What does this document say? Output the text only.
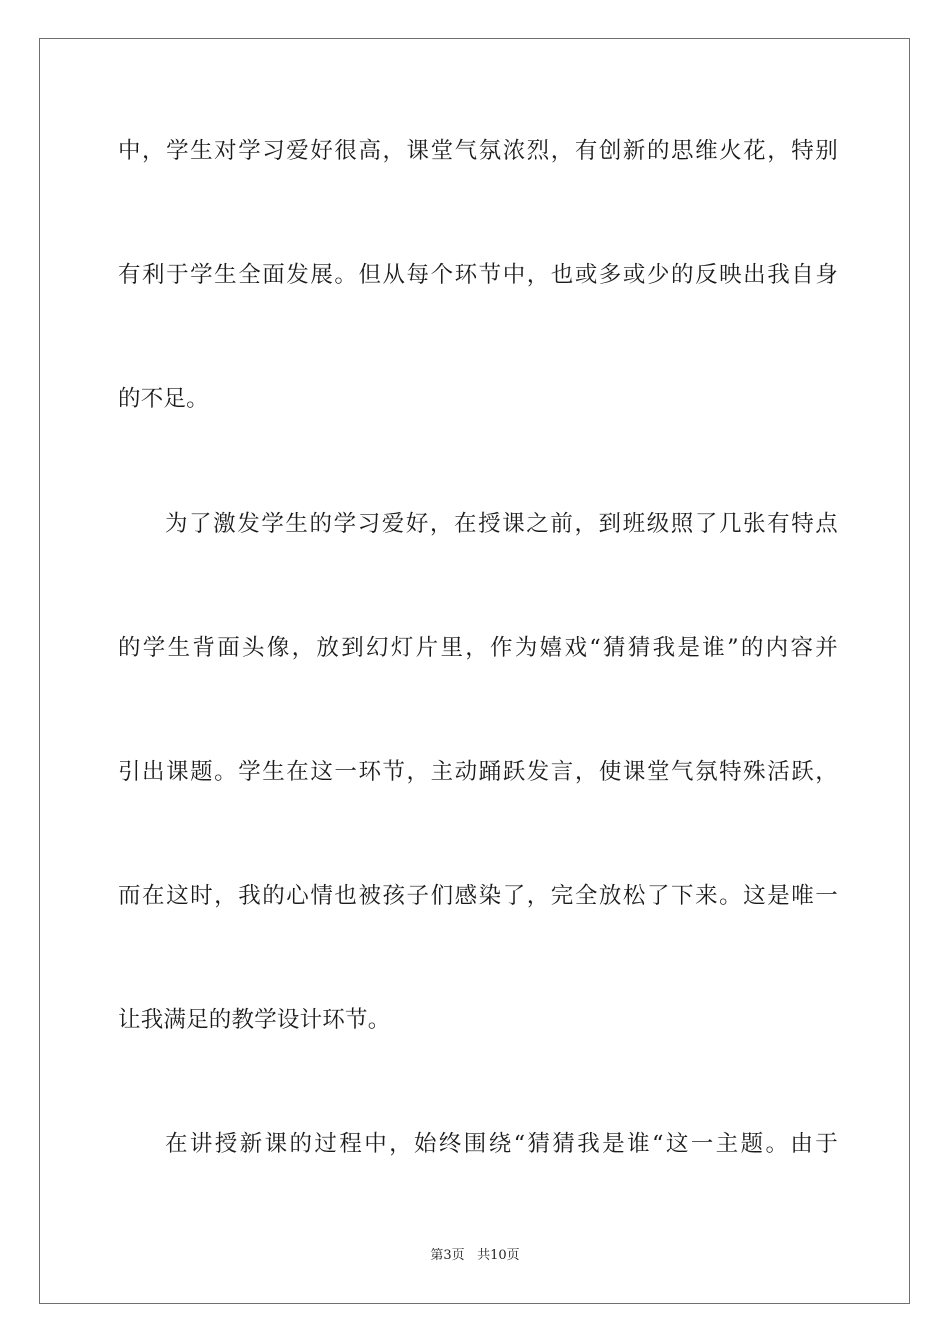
中，学生对学习爱好很高，课堂气氛浓烈，有创新的思维火花，特别
有利于学生全面发展。但从每个环节中，也或多或少的反映出我自身
的不足。
为了激发学生的学习爱好，在授课之前，到班级照了几张有特点
的学生背面头像，放到幻灯片里，作为嬉戏“猜猜我是谁”的内容并
引出课题。学生在这一环节，主动踊跃发言，使课堂气氛特殊活跃，
而在这时，我的心情也被孩子们感染了，完全放松了下来。这是唯一
让我满足的教学设计环节。
在讲授新课的过程中，始终围绕“猜猜我是谁“这一主题。由于
第3页 共10页
